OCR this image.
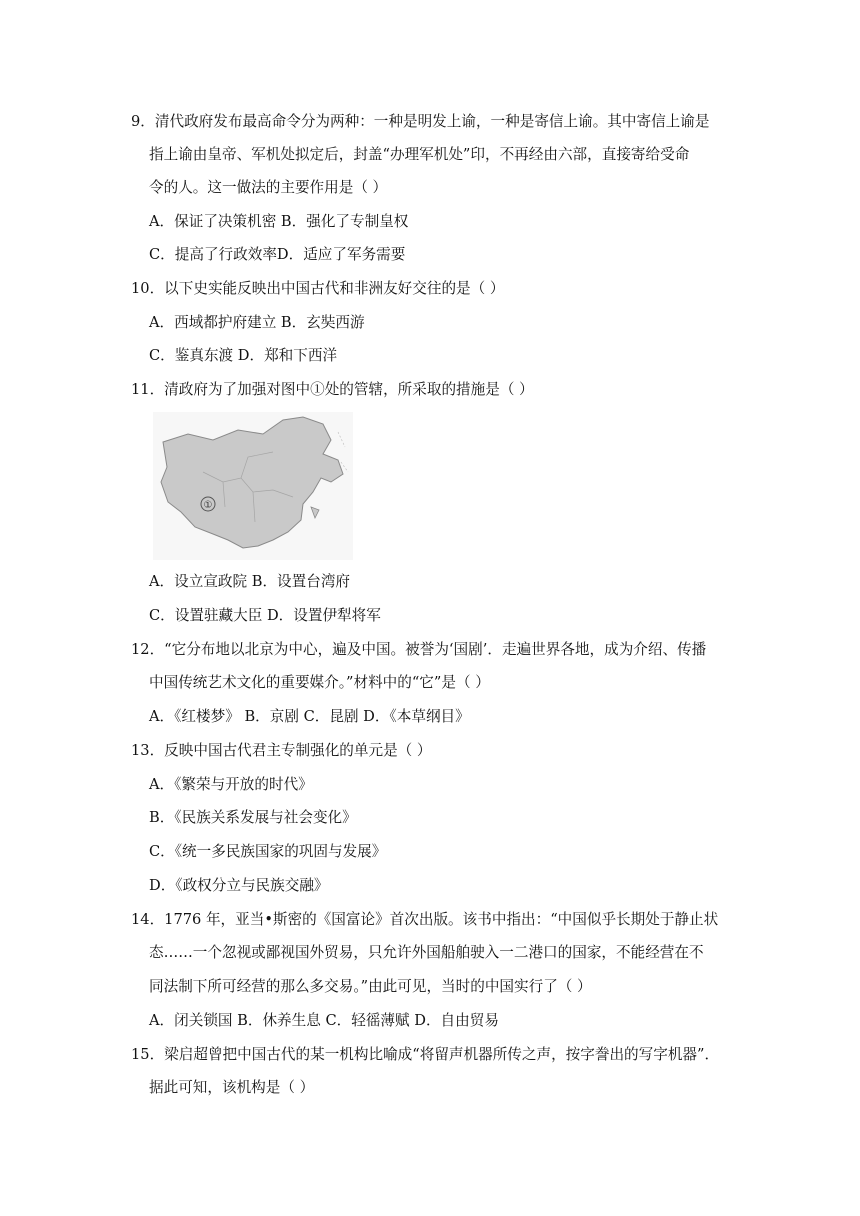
9．清代政府发布最高命令分为两种：一种是明发上谕，一种是寄信上谕。其中寄信上谕是
指上谕由皇帝、军机处拟定后，封盖“办理军机处”印，不再经由六部，直接寄给受命
令的人。这一做法的主要作用是（ ）
A．保证了决策机密 B．强化了专制皇权
C．提高了行政效率D．适应了军务需要
10．以下史实能反映出中国古代和非洲友好交往的是（ ）
A．西域都护府建立 B．玄奘西游
C．鉴真东渡 D．郑和下西洋
11．清政府为了加强对图中①处的管辖，所采取的措施是（ ）
①
A．设立宣政院 B．设置台湾府
C．设置驻藏大臣 D．设置伊犁将军
12．“它分布地以北京为中心，遍及中国。被誉为‘国剧’．走遍世界各地，成为介绍、传播
中国传统艺术文化的重要媒介。”材料中的“它”是（ ）
A．《红楼梦》 B．京剧 C．昆剧 D．《本草纲目》
13．反映中国古代君主专制强化的单元是（ ）
A．《繁荣与开放的时代》
B．《民族关系发展与社会变化》
C．《统一多民族国家的巩固与发展》
D．《政权分立与民族交融》
14．1776 年，亚当•斯密的《国富论》首次出版。该书中指出：“中国似乎长期处于静止状
态……一个忽视或鄙视国外贸易，只允许外国船舶驶入一二港口的国家，不能经营在不
同法制下所可经营的那么多交易。”由此可见，当时的中国实行了（ ）
A．闭关锁国 B．休养生息 C．轻徭薄赋 D．自由贸易
15．梁启超曾把中国古代的某一机构比喻成“将留声机器所传之声，按字誊出的写字机器”．
据此可知，该机构是（ ）
